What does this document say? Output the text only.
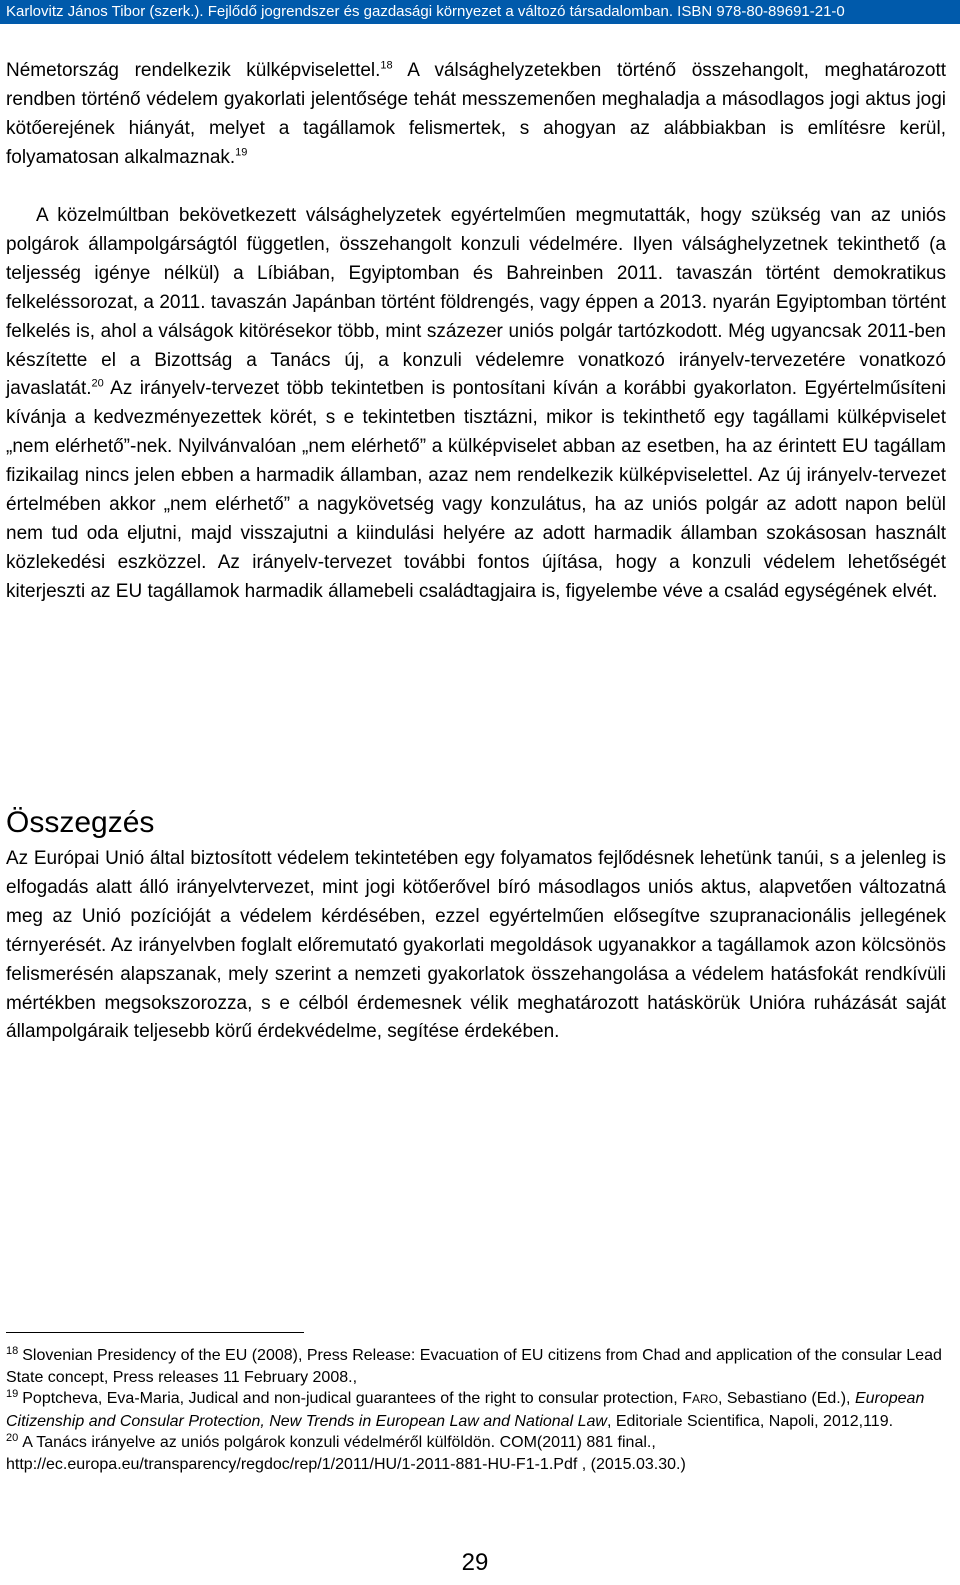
Karlovitz János Tibor (szerk.). Fejlődő jogrendszer és gazdasági környezet a változó társadalomban. ISBN 978-80-89691-21-0

Németország rendelkezik külképviselettel.$^{18}$ A válsághelyzetekben történő összehangolt, meghatározott rendben történő védelem gyakorlati jelentősége tehát messzemenően meghaladja a másodlagos jogi aktus jogi kötőerejének hiányát, melyet a tagállamok felismertek, s ahogyan az alábbiakban is említésre kerül, folyamatosan alkalmaznak.$^{19}$

A közelmúltban bekövetkezett válsághelyzetek egyértelműen megmutatták, hogy szükség van az uniós polgárok állampolgárságtól független, összehangolt konzuli védelmére. Ilyen válsághelyzetnek tekinthető (a teljesség igénye nélkül) a Líbiában, Egyiptomban és Bahreinben 2011. tavaszán történt demokratikus felkeléssorozat, a 2011. tavaszán Japánban történt földrengés, vagy éppen a 2013. nyarán Egyiptomban történt felkelés is, ahol a válságok kitörésekor több, mint százezer uniós polgár tartózkodott. Még ugyancsak 2011-ben készítette el a Bizottság a Tanács új, a konzuli védelemre vonatkozó irányelv-tervezetére vonatkozó javaslatát.$^{20}$ Az irányelv-tervezet több tekintetben is pontosítani kíván a korábbi gyakorlaton. Egyértelműsíteni kívánja a kedvezményezettek körét, s e tekintetben tisztázni, mikor is tekinthető egy tagállami külképviselet „nem elérhető”-nek. Nyilvánvalóan „nem elérhető” a külképviselet abban az esetben, ha az érintett EU tagállam fizikailag nincs jelen ebben a harmadik államban, azaz nem rendelkezik külképviselettel. Az új irányelv-tervezet értelmében akkor „nem elérhető” a nagykövetség vagy konzulátus, ha az uniós polgár az adott napon belül nem tud oda eljutni, majd visszajutni a kiindulási helyére az adott harmadik államban szokásosan használt közlekedési eszközzel. Az irányelv-tervezet további fontos újítása, hogy a konzuli védelem lehetőségét kiterjeszti az EU tagállamok harmadik államebeli családtagjaira is, figyelembe véve a család egységének elvét.

Összegzés

Az Európai Unió által biztosított védelem tekintetében egy folyamatos fejlődésnek lehetünk tanúi, s a jelenleg is elfogadás alatt álló irányelvtervezet, mint jogi kötőerővel bíró másodlagos uniós aktus, alapvetően változatná meg az Unió pozícióját a védelem kérdésében, ezzel egyértelműen elősegítve szupranacionális jellegének térnyerését. Az irányelvben foglalt előremutató gyakorlati megoldások ugyanakkor a tagállamok azon kölcsönös felismerésén alapszanak, mely szerint a nemzeti gyakorlatok összehangolása a védelem hatásfokát rendkívüli mértékben megsokszorozza, s e célból érdemesnek vélik meghatározott hatáskörük Unióra ruházását saját állampolgáraik teljesebb körű érdekvédelme, segítése érdekében.

$^{18}$ Slovenian Presidency of the EU (2008), Press Release: Evacuation of EU citizens from Chad and application of the consular Lead State concept, Press releases 11 February 2008.,

$^{19}$ Poptcheva, Eva-Maria, Judical and non-judical guarantees of the right to consular protection, FARO, Sebastiano (Ed.), European Citizenship and Consular Protection, New Trends in European Law and National Law, Editoriale Scientifica, Napoli, 2012,119.

$^{20}$ A Tanács irányelve az uniós polgárok konzuli védelméről külföldön. COM(2011) 881 final.,
http://ec.europa.eu/transparency/regdoc/rep/1/2011/HU/1-2011-881-HU-F1-1.Pdf , (2015.03.30.)

29
